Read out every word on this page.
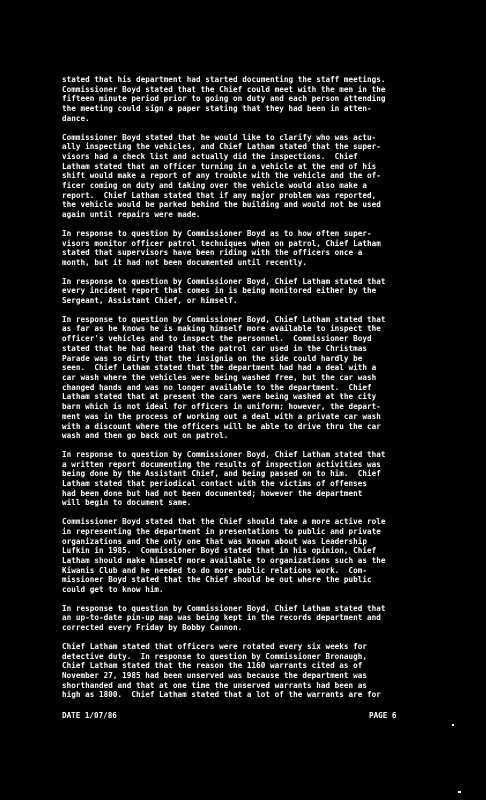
stated that his department had started documenting the staff meetings.
Commissioner Boyd stated that the Chief could meet with the men in the
fifteen minute period prior to going on duty and each person attending
the meeting could sign a paper stating that they had been in atten-
dance.
Commissioner Boyd stated that he would like to clarify who was actu-
ally inspecting the vehicles, and Chief Latham stated that the super-
visors had a check list and actually did the inspections.  Chief
Latham stated that an officer turning in a vehicle at the end of his
shift would make a report of any trouble with the vehicle and the of-
ficer coming on duty and taking over the vehicle would also make a
report.  Chief Latham stated that if any major problem was reported,
the vehicle would be parked behind the building and would not be used
again until repairs were made.
In response to question by Commissioner Boyd as to how often super-
visors monitor officer patrol techniques when on patrol, Chief Latham
stated that supervisors have been riding with the officers once a
month, but it had not been documented until recently.
In response to question by Commissioner Boyd, Chief Latham stated that
every incident report that comes in is being monitored either by the
Sergeant, Assistant Chief, or himself.
In response to question by Commissioner Boyd, Chief Latham stated that
as far as he knows he is making himself more available to inspect the
officer's vehicles and to inspect the personnel.  Commissioner Boyd
stated that he had heard that the patrol car used in the Christmas
Parade was so dirty that the insignia on the side could hardly be
seen.  Chief Latham stated that the department had had a deal with a
car wash where the vehicles were being washed free, but the car wash
changed hands and was no longer available to the department.  Chief
Latham stated that at present the cars were being washed at the city
barn which is not ideal for officers in uniform; however, the depart-
ment was in the process of working out a deal with a private car wash
with a discount where the officers will be able to drive thru the car
wash and then go back out on patrol.
In response to question by Commissioner Boyd, Chief Latham stated that
a written report documenting the results of inspection activities was
being done by the Assistant Chief, and being passed on to him.  Chief
Latham stated that periodical contact with the victims of offenses
had been done but had not been documented; however the department
will begin to document same.
Commissioner Boyd stated that the Chief should take a more active role
in representing the department in presentations to public and private
organizations and the only one that was known about was Leadership
Lufkin in 1985.  Commissioner Boyd stated that in his opinion, Chief
Latham should make himself more available to organizations such as the
Kiwanis Club and he needed to do more public relations work.  Com-
missioner Boyd stated that the Chief should be out where the public
could get to know him.
In response to question by Commissioner Boyd, Chief Latham stated that
an up-to-date pin-up map was being kept in the records department and
corrected every Friday by Bobby Cannon.
Chief Latham stated that officers were rotated every six weeks for
detective duty.  In response to question by Commissioner Bronaugh,
Chief Latham stated that the reason the 1160 warrants cited as of
November 27, 1985 had been unserved was because the department was
shorthanded and that at one time the unserved warrants had been as
high as 1800.  Chief Latham stated that a lot of the warrants are for
DATE 1/07/86	PAGE 6
